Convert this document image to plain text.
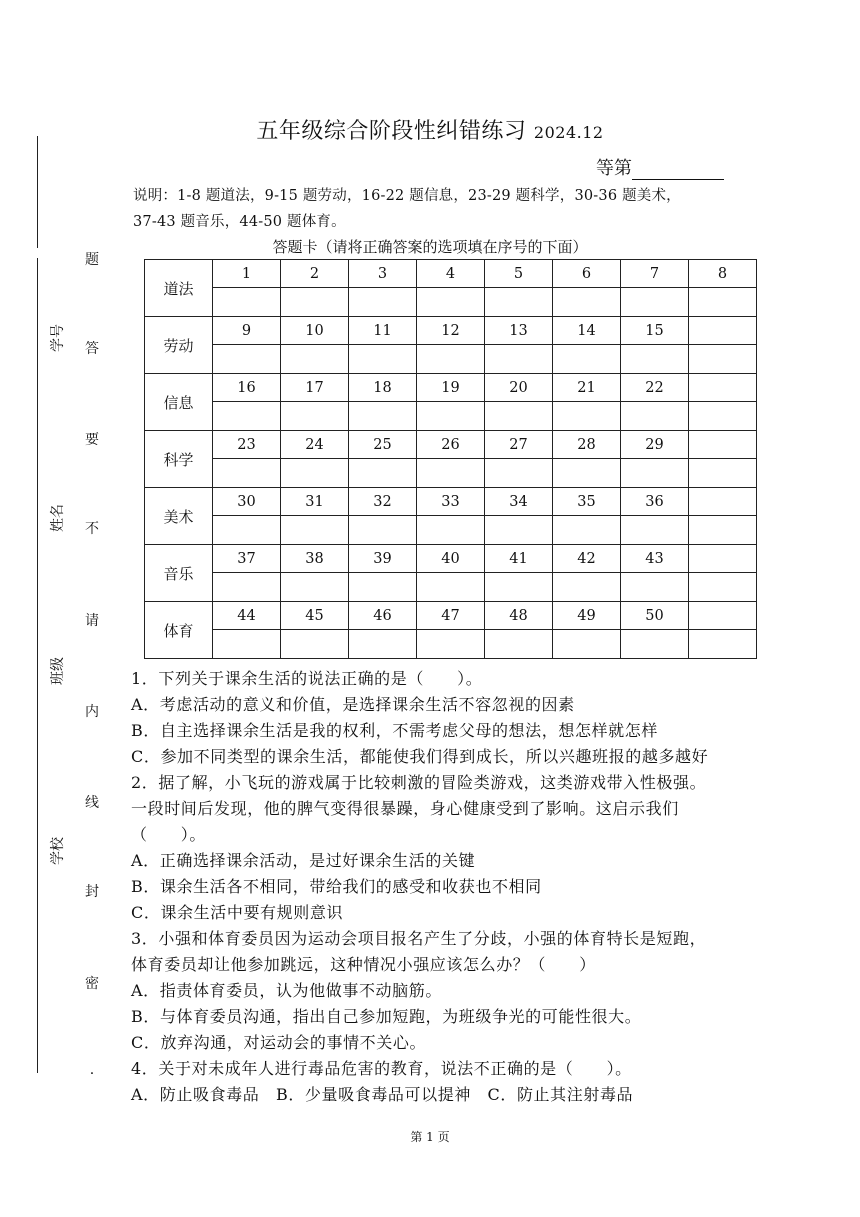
学号
姓名
班级
学校
题
答
要
不
请
内
线
封
密
.
五年级综合阶段性纠错练习 2024.12
等第
说明：1-8 题道法，9-15 题劳动，16-22 题信息，23-29 题科学，30-36 题美术，
37-43 题音乐，44-50 题体育。
答题卡（请将正确答案的选项填在序号的下面）
道法	1	2	3	4	5	6	7	8

劳动	9	10	11	12	13	14	15	

信息	16	17	18	19	20	21	22	

科学	23	24	25	26	27	28	29	

美术	30	31	32	33	34	35	36	

音乐	37	38	39	40	41	42	43	

体育	44	45	46	47	48	49	50	

1．下列关于课余生活的说法正确的是（　　）。
A．考虑活动的意义和价值，是选择课余生活不容忽视的因素
B．自主选择课余生活是我的权利，不需考虑父母的想法，想怎样就怎样
C．参加不同类型的课余生活，都能使我们得到成长，所以兴趣班报的越多越好
2．据了解，小飞玩的游戏属于比较刺激的冒险类游戏，这类游戏带入性极强。
一段时间后发现，他的脾气变得很暴躁，身心健康受到了影响。这启示我们
（　　）。
A．正确选择课余活动，是过好课余生活的关键
B．课余生活各不相同，带给我们的感受和收获也不相同
C．课余生活中要有规则意识
3．小强和体育委员因为运动会项目报名产生了分歧，小强的体育特长是短跑，
体育委员却让他参加跳远，这种情况小强应该怎么办？（　　）
A．指责体育委员，认为他做事不动脑筋。
B．与体育委员沟通，指出自己参加短跑，为班级争光的可能性很大。
C．放弃沟通，对运动会的事情不关心。
4．关于对未成年人进行毒品危害的教育，说法不正确的是（　　）。
A．防止吸食毒品　B．少量吸食毒品可以提神　C．防止其注射毒品
第 1 页
